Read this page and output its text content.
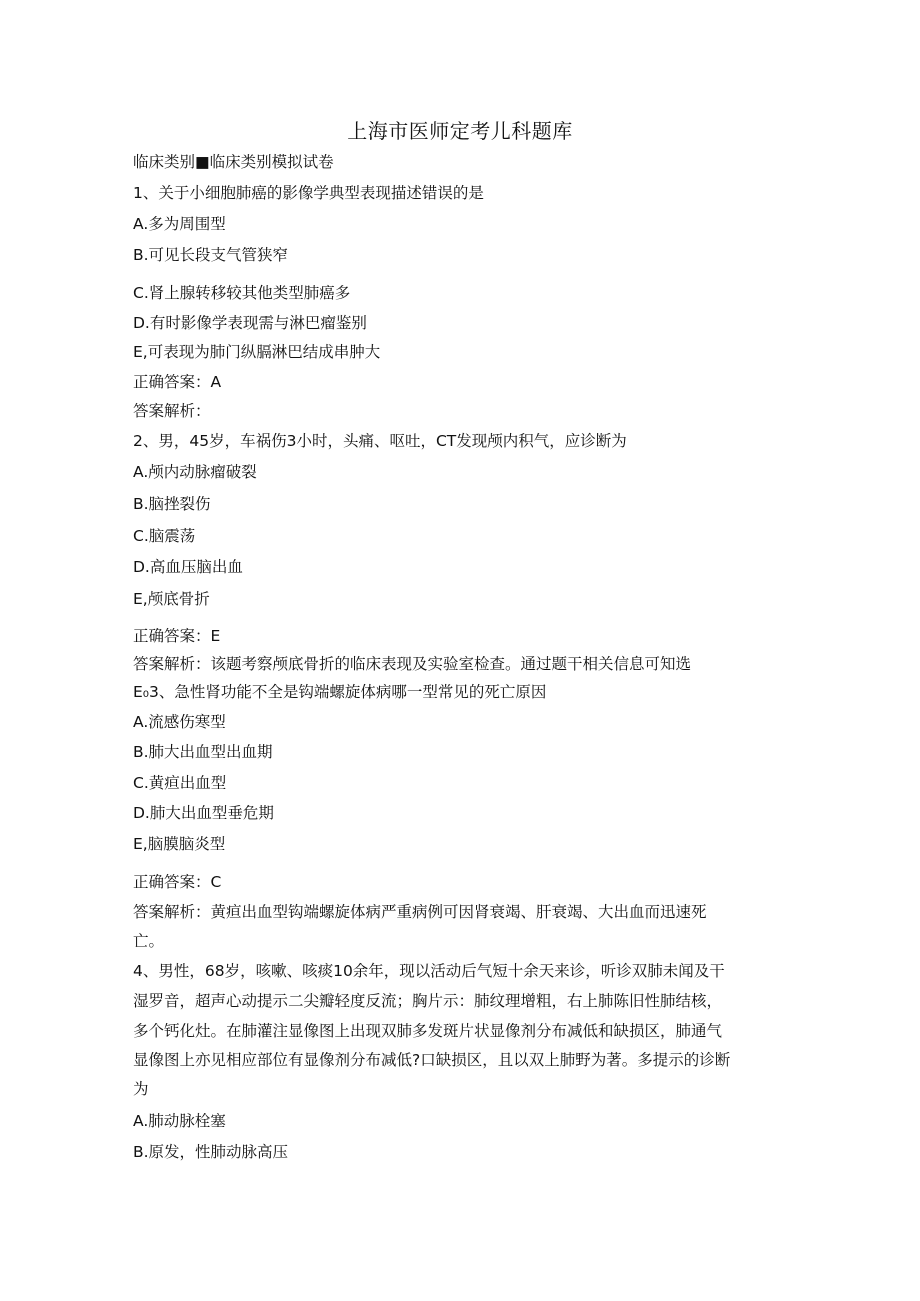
上海市医师定考儿科题库
临床类别■临床类别模拟试卷
1、关于小细胞肺癌的影像学典型表现描述错误的是
A.多为周围型
B.可见长段支气管狭窄
C.肾上腺转移较其他类型肺癌多
D.有时影像学表现需与淋巴瘤鉴别
E,可表现为肺门纵膈淋巴结成串肿大
正确答案：A
答案解析：
2、男，45岁，车祸伤3小时，头痛、呕吐，CT发现颅内积气，应诊断为
A.颅内动脉瘤破裂
B.脑挫裂伤
C.脑震荡
D.高血压脑出血
E,颅底骨折
正确答案：E
答案解析：该题考察颅底骨折的临床表现及实验室检查。通过题干相关信息可知选
E₀3、急性肾功能不全是钩端螺旋体病哪一型常见的死亡原因
A.流感伤寒型
B.肺大出血型出血期
C.黄疸出血型
D.肺大出血型垂危期
E,脑膜脑炎型
正确答案：C
答案解析：黄疸出血型钩端螺旋体病严重病例可因肾衰竭、肝衰竭、大出血而迅速死
亡。
4、男性，68岁，咳嗽、咳痰10余年，现以活动后气短十余天来诊，听诊双肺未闻及干
湿罗音，超声心动提示二尖瓣轻度反流；胸片示：肺纹理增粗，右上肺陈旧性肺结核，
多个钙化灶。在肺灌注显像图上出现双肺多发斑片状显像剂分布减低和缺损区，肺通气
显像图上亦见相应部位有显像剂分布减低?口缺损区，且以双上肺野为著。多提示的诊断
为
A.肺动脉栓塞
B.原发，性肺动脉高压
